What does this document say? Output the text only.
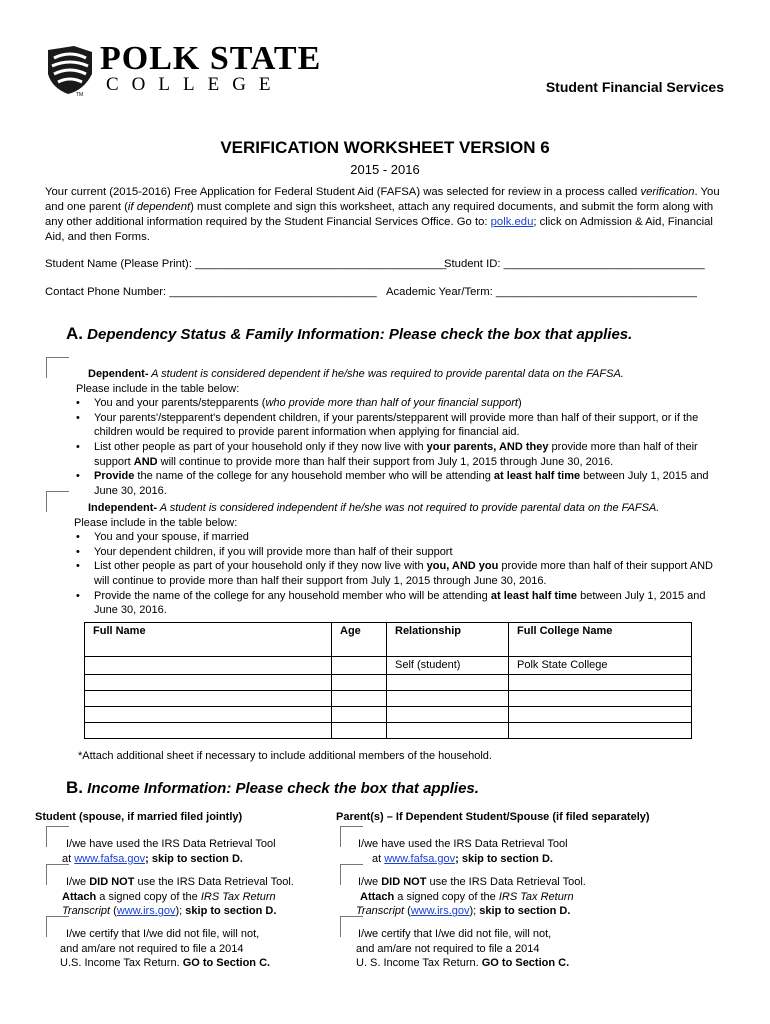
TM
POLK STATE
COLLEGE	Student Financial Services
VERIFICATION WORKSHEET VERSION 6
2015 - 2016
Your current (2015-2016) Free Application for Federal Student Aid (FAFSA) was selected for review in a process called verification. You and one parent (if dependent) must complete and sign this worksheet, attach any required documents, and submit the form along with any other additional information required by the Student Financial Services Office. Go to: polk.edu; click on Admission & Aid, Financial Aid, and then Forms.
Student Name (Please Print): ________________________________________
Student ID: ________________________________
Contact Phone Number: _________________________________ Academic Year/Term: ________________________________
A. Dependency Status & Family Information: Please check the box that applies.
Dependent- A student is considered dependent if he/she was required to provide parental data on the FAFSA.
Please include in the table below:
• You and your parents/stepparents (who provide more than half of your financial support)
• Your parents'/stepparent's dependent children, if your parents/stepparent will provide more than half of their support, or if the children would be required to provide parent information when applying for financial aid.
• List other people as part of your household only if they now live with your parents, AND they provide more than half of their support AND will continue to provide more than half their support from July 1, 2015 through June 30, 2016.
• Provide the name of the college for any household member who will be attending at least half time between July 1, 2015 and June 30, 2016.
Independent- A student is considered independent if he/she was not required to provide parental data on the FAFSA.
Please include in the table below:
• You and your spouse, if married
• Your dependent children, if you will provide more than half of their support
• List other people as part of your household only if they now live with you, AND you provide more than half of their support AND will continue to provide more than half their support from July 1, 2015 through June 30, 2016.
• Provide the name of the college for any household member who will be attending at least half time between July 1, 2015 and June 30, 2016.
Full Name	Age	Relationship	Full College Name
		Self (student)	Polk State College

*Attach additional sheet if necessary to include additional members of the household.
B. Income Information: Please check the box that applies.
Student (spouse, if married filed jointly)	Parent(s) – If Dependent Student/Spouse (if filed separately)
I/we have used the IRS Data Retrieval Tool
at www.fafsa.gov; skip to section D.
I/we DID NOT use the IRS Data Retrieval Tool.
Attach a signed copy of the IRS Tax Return
Transcript (www.irs.gov); skip to section D.
I/we certify that I/we did not file, will not,
and am/are not required to file a 2014
U.S. Income Tax Return. GO to Section C.
I/we have used the IRS Data Retrieval Tool
at www.fafsa.gov; skip to section D.
I/we DID NOT use the IRS Data Retrieval Tool.
Attach a signed copy of the IRS Tax Return
Transcript (www.irs.gov); skip to section D.
I/we certify that I/we did not file, will not,
and am/are not required to file a 2014
U. S. Income Tax Return. GO to Section C.
